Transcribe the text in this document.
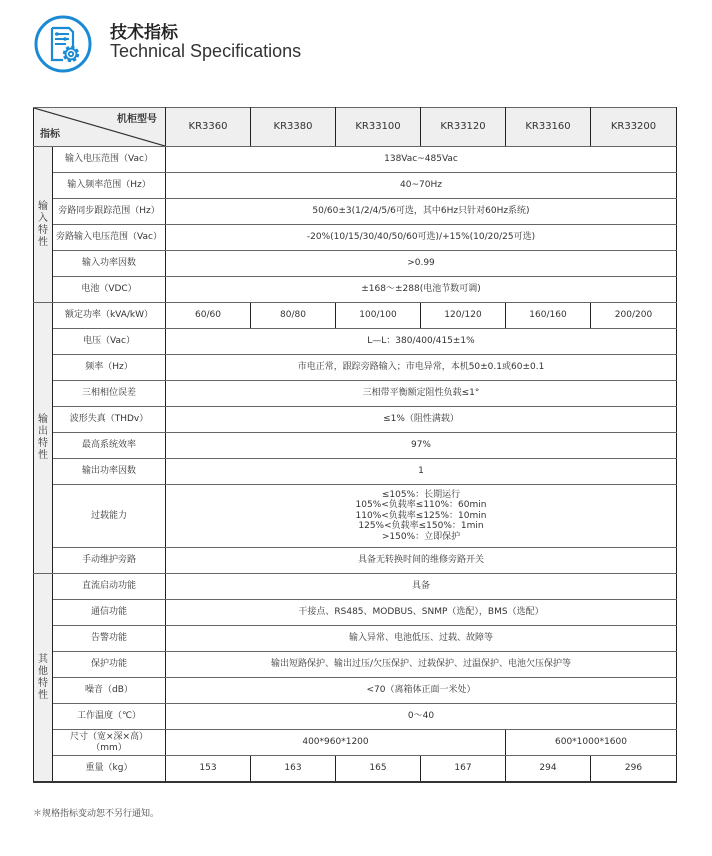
技术指标
Technical Specifications
机柜型号
指标		KR3360	KR3380	KR33100	KR33120	KR33160	KR33200
输
入
特
性	输入电压范围（Vac）	138Vac~485Vac					
	输入频率范围（Hz）	40~70Hz					
	旁路同步跟踪范围（Hz）	50/60±3(1/2/4/5/6可选，其中6Hz只针对60Hz系统)					
	旁路输入电压范围（Vac）	-20%(10/15/30/40/50/60可选)/+15%(10/20/25可选)					
	输入功率因数	>0.99					
	电池（VDC）	±168～±288(电池节数可调)					
输
出
特
性	额定功率（kVA/kW）	60/60	80/80	100/100	120/120	160/160	200/200
	电压（Vac）	L—L：380/400/415±1%					
	频率（Hz）	市电正常，跟踪旁路输入；市电异常，本机50±0.1或60±0.1					
	三相相位误差	三相带平衡额定阻性负载≤1°					
	波形失真（THDv）	≤1%（阻性满载）					
	最高系统效率	97%					
	输出功率因数	1					
	过载能力	≤105%：长期运行
105%<负载率≤110%：60min
110%<负载率≤125%：10min
125%<负载率≤150%：1min
>150%：立即保护					

	手动维护旁路	具备无转换时间的维修旁路开关					
其
他
特
性	直流启动功能	具备					
	通信功能	干接点、RS485、MODBUS、SNMP（选配），BMS（选配）					
	告警功能	输入异常、电池低压、过载、故障等					
	保护功能	输出短路保护、输出过压/欠压保护、过载保护、过温保护、电池欠压保护等					
	噪音（dB）	<70（离箱体正面一米处）					
	工作温度（℃）	0～40					

	尺寸（宽×深×高）
（mm）	400*960*1200				600*1000*1600	
	重量（kg）	153	163	165	167	294	296
＊规格指标变动恕不另行通知。
